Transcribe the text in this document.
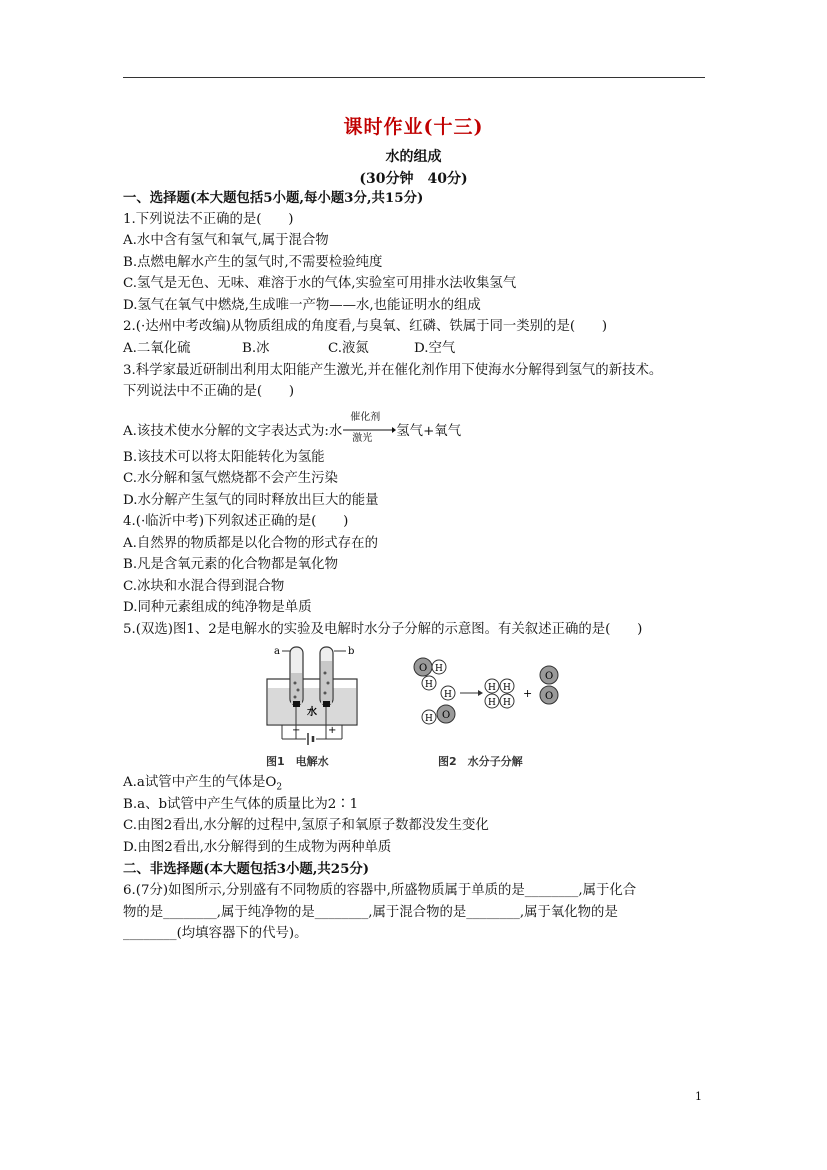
课时作业(十三)
水的组成
(30分钟　40分)
一、选择题(本大题包括5小题,每小题3分,共15分)
1.下列说法不正确的是(　　)
A.水中含有氢气和氧气,属于混合物
B.点燃电解水产生的氢气时,不需要检验纯度
C.氢气是无色、无味、难溶于水的气体,实验室可用排水法收集氢气
D.氢气在氧气中燃烧,生成唯一产物——水,也能证明水的组成
2.(·达州中考改编)从物质组成的角度看,与臭氧、红磷、铁属于同一类别的是(　　)
A.二氧化硫	B.冰	C.液氮	D.空气
3.科学家最近研制出利用太阳能产生激光,并在催化剂作用下使海水分解得到氢气的新技术。
下列说法中不正确的是(　　)
A.该技术使水分解的文字表达式为:水
催化剂
激光 氢气+氧气
B.该技术可以将太阳能转化为氢能
C.水分解和氢气燃烧都不会产生污染
D.水分解产生氢气的同时释放出巨大的能量
4.(·临沂中考)下列叙述正确的是(　　)
A.自然界的物质都是以化合物的形式存在的
B.凡是含氧元素的化合物都是氧化物
C.冰块和水混合得到混合物
D.同种元素组成的纯净物是单质
5.(双选)图1、2是电解水的实验及电解时水分子分解的示意图。有关叙述正确的是(　　)
a	b
水
−	+
图1　电解水
O H
H
H
H O
H H
H H
+
O
O
图2　水分子分解
A.a试管中产生的气体是$O_2$
B.a、b试管中产生气体的质量比为2∶1
C.由图2看出,水分解的过程中,氢原子和氧原子数都没发生变化
D.由图2看出,水分解得到的生成物为两种单质
二、非选择题(本大题包括3小题,共25分)
6.(7分)如图所示,分别盛有不同物质的容器中,所盛物质属于单质的是________,属于化合
物的是________,属于纯净物的是________,属于混合物的是________,属于氧化物的是
________(均填容器下的代号)。
1
